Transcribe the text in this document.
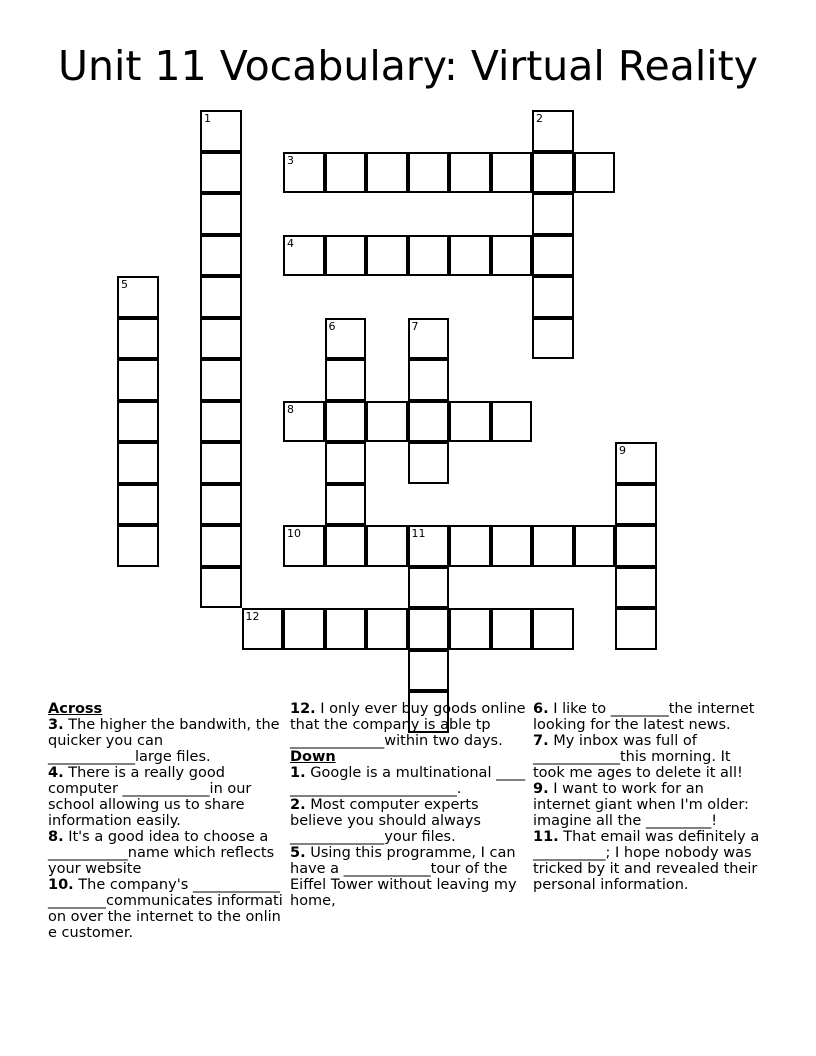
Unit 11 Vocabulary: Virtual Reality
1	2
3
4
5
6	7
8
9
10	11
12
Across

3. The higher the bandwith, the quicker you can ____________large files.

4. There is a really good computer ____________in our school allowing us to share information easily.

8. It's a good idea to choose a ___________name which reflects your website

10. The company's ____________________communicates information over the internet to the online customer.

12. I only ever buy goods online that the company is able tp _____________within two days.

Down

1. Google is a multinational ___________________________.

2. Most computer experts believe you should always _____________your files.

5. Using this programme, I can have a ____________tour of the Eiffel Tower without leaving my home,

6. I like to ________the internet looking for the latest news.

7. My inbox was full of ____________this morning. It took me ages to delete it all!

9. I want to work for an internet giant when I'm older: imagine all the _________!

11. That email was definitely a __________; I hope nobody was tricked by it and revealed their personal information.
